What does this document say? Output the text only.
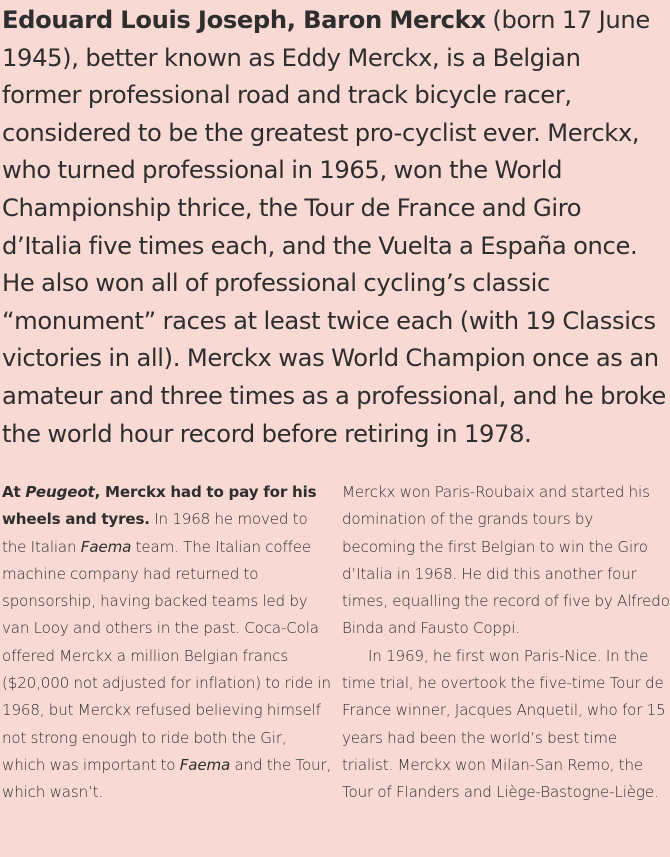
Edouard Louis Joseph, Baron Merckx (born 17 June 1945), better known as Eddy Merckx, is a Belgian former professional road and track bicycle racer, considered to be the greatest pro-cyclist ever. Merckx, who turned professional in 1965, won the World Championship thrice, the Tour de France and Giro d’Italia five times each, and the Vuelta a España once. He also won all of professional cycling’s classic “monument” races at least twice each (with 19 Classics victories in all). Merckx was World Champion once as an amateur and three times as a professional, and he broke the world hour record before retiring in 1978.

At Peugeot, Merckx had to pay for his wheels and tyres. In 1968 he moved to the Italian Faema team. The Italian coffee machine company had returned to sponsorship, having backed teams led by van Looy and others in the past. Coca-Cola offered Merckx a million Belgian francs ($20,000 not adjusted for inflation) to ride in 1968, but Merckx refused believing himself not strong enough to ride both the Gir, which was important to Faema and the Tour, which wasn’t.

Merckx won Paris-Roubaix and started his domination of the grands tours by becoming the first Belgian to win the Giro d’Italia in 1968. He did this another four times, equalling the record of five by Alfredo Binda and Fausto Coppi.

In 1969, he first won Paris-Nice. In the time trial, he overtook the five-time Tour de France winner, Jacques Anquetil, who for 15 years had been the world’s best time trialist. Merckx won Milan-San Remo, the Tour of Flanders and Liège-Bastogne-Liège.
